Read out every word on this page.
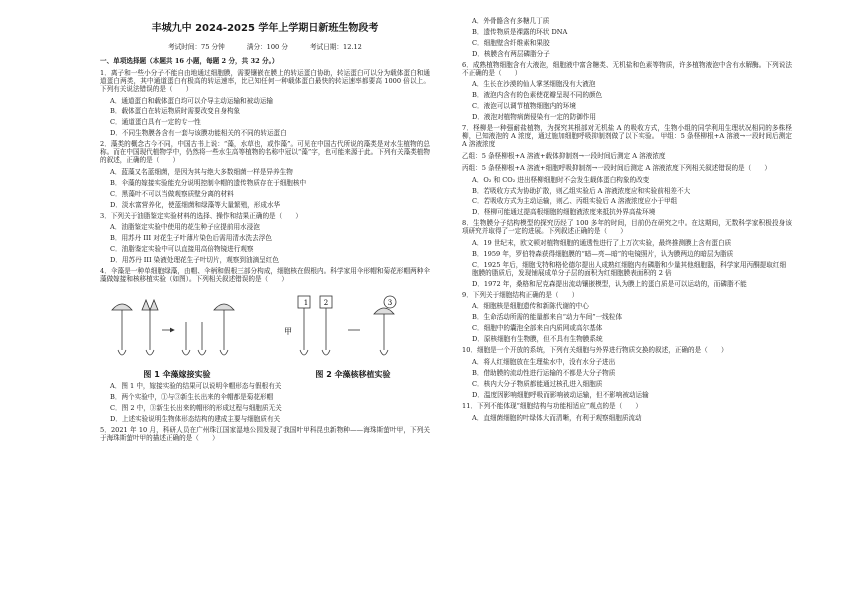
丰城九中 2024-2025 学年上学期日新班生物段考
考试时间：75 分钟	满分：100 分	考试日期：12.12
一、单项选择题（本题共 16 小题，每题 2 分，共 32 分。）
1．离子和一些小分子不能自由地通过细胞膜，需要镶嵌在膜上的转运蛋白协助，转运蛋白可以分为载体蛋白和通道蛋白两类，其中通道蛋白有极高的转运速率，比已知任何一种载体蛋白最快的转运速率都要高 1000 倍以上。下列有关说法错误的是（　　）
A．通道蛋白和载体蛋白均可以介导主动运输和被动运输
B．载体蛋白在转运物质时需要改变自身构象
C．通道蛋白具有一定的专一性
D．不同生物膜各含有一套与该膜功能相关的不同的转运蛋白
2．藻类的概念古今不同，中国古书上说：“藻，水草也，或作藻”。可见在中国古代所说的藻类是对水生植物的总称。而在中国现代植物学中，仍然将一些水生高等植物的名称中冠以“藻”字，也可能来源于此。下列有关藻类植物的叙述，正确的是（　　）
A．蓝藻又名蓝细菌，是因为其与绝大多数细菌一样是异养生物
B．伞藻的嫁接实验能充分说明控制伞帽的遗传物质存在于细胞核中
C．黑藻叶不可以当做观察质壁分离的材料
D．淡水富营养化，使蓝细菌和绿藻等大量繁殖，形成水华
3．下列关于油脂鉴定实验材料的选择、操作和结果正确的是（　　）
A．油脂鉴定实验中使用的花生种子应提前用水浸泡
B．用苏丹 III 对花生子叶薄片染色后需用清水洗去浮色
C．油脂鉴定实验中可以直接用高倍物镜进行观察
D．用苏丹 III 染液处理花生子叶切片，观察到油滴呈红色
4．伞藻是一种单细胞绿藻，由帽、伞柄和假根三部分构成，细胞核在假根内。科学家用伞形帽和菊花形帽两种伞藻做嫁接和核移植实验（如图）。下列相关叙述错误的是（　　）
图 1 伞藻嫁接实验
1 2	3
甲
图 2 伞藻核移植实验
A．图 1 中，嫁接实验的结果可以说明伞帽形态与假根有关
B．两个实验中，①与③新生长出来的伞帽都是菊花形帽
C．图 2 中，③新生长出来的帽形的形成过程与细胞质无关
D．上述实验说明生物体形态结构的建成主要与细胞质有关
5．2021 年 10 月，科研人员在广州珠江国家湿地公园发现了我国叶甲科昆虫新物种——海珠斯萤叶甲，下列关于海珠斯萤叶甲的描述正确的是（　　）
A．外骨骼含有多糖几丁质
B．遗传物质是裸露的环状 DNA
C．细胞壁含纤维素和果胶
D．核膜含有两层磷脂分子
6．成熟植物细胞含有大液泡，细胞液中富含糖类、无机盐和色素等物质，许多植物液泡中含有水解酶。下列说法不正确的是（　　）
A．生长在沙漠的仙人掌茎细胞没有大液泡
B．液泡内含有的色素使花瓣呈现不同的颜色
C．液泡可以调节植物细胞内的环境
D．液泡对植物病菌侵染有一定的防御作用
7．柽柳是一种强耐盐植物，为探究其根部对无机盐 A 的吸收方式，生物小组的同学利用生理状况相同的多株柽柳，已知液泡的 A 浓度，通过施加细胞呼吸抑制剂做了以下实验。 甲组：5 条柽柳根+A 溶液→一段时间后测定 A 溶液浓度
乙组：5 条柽柳根+A 溶液+载体抑制剂→一段时间后测定 A 溶液浓度
丙组：5 条柽柳根+A 溶液+细胞呼吸抑制剂→一段时间后测定 A 溶液浓度下列相关叙述错误的是（　　）
A．O₂ 和 CO₂ 进出柽柳细胞时不会发生载体蛋白构象的改变
B．若吸收方式为协助扩散，则乙组实验后 A 溶液浓度应和实验前相差不大
C．若吸收方式为主动运输，则乙、丙组实验后 A 溶液浓度应小于甲组
D．柽柳可能通过提高根细胞的细胞液浓度来抵抗外界高盐环境
8．生物膜分子结构模型的探究历经了 100 多年的时间，目前仍在研究之中。在这期间，无数科学家积极投身该项研究并取得了一定的进展。下列叙述正确的是（　　）
A．19 世纪末，欧文顿对植物细胞的通透性进行了上万次实验，最终推测膜上含有蛋白质
B．1959 年，罗伯特森获得细胞膜的“暗—亮—暗”的电镜照片，认为膜两边的暗层为脂质
C．1925 年后，细胞戈特和格伦德尔提出人成熟红细胞内有磷脂和少量其他细胞器，科学家用丙酮提取红细胞膜的脂质后，发现铺展成单分子层的面积为红细胞膜表面积的 2 倍
D．1972 年，桑格和尼克森提出流动镶嵌模型，认为膜上的蛋白质是可以运动的，而磷脂不能
9．下列关于细胞结构正确的是（　　）
A．细胞核是细胞遗传和新陈代谢的中心
B．生命活动所需的能量都来自“动力车间”一线粒体
C．细胞中的囊泡全部来自内质网或高尔基体
D．原核细胞有生物膜，但不具有生物膜系统
10．细胞是一个开放的系统，下列有关细胞与外界进行物质交换的叙述，正确的是（　　）
A．将人红细胞放在生理盐水中，没有水分子进出
B．借助膜的流动性进行运输的不都是大分子物质
C．核内大分子物质都能通过核孔进入细胞质
D．温度因影响细胞呼吸而影响被动运输，但不影响被动运输
11．下列不能体现“细胞结构与功能相适应”观点的是（　　）
A．直细菌细胞的叶绿体大而清晰，有利于观察细胞质流动
